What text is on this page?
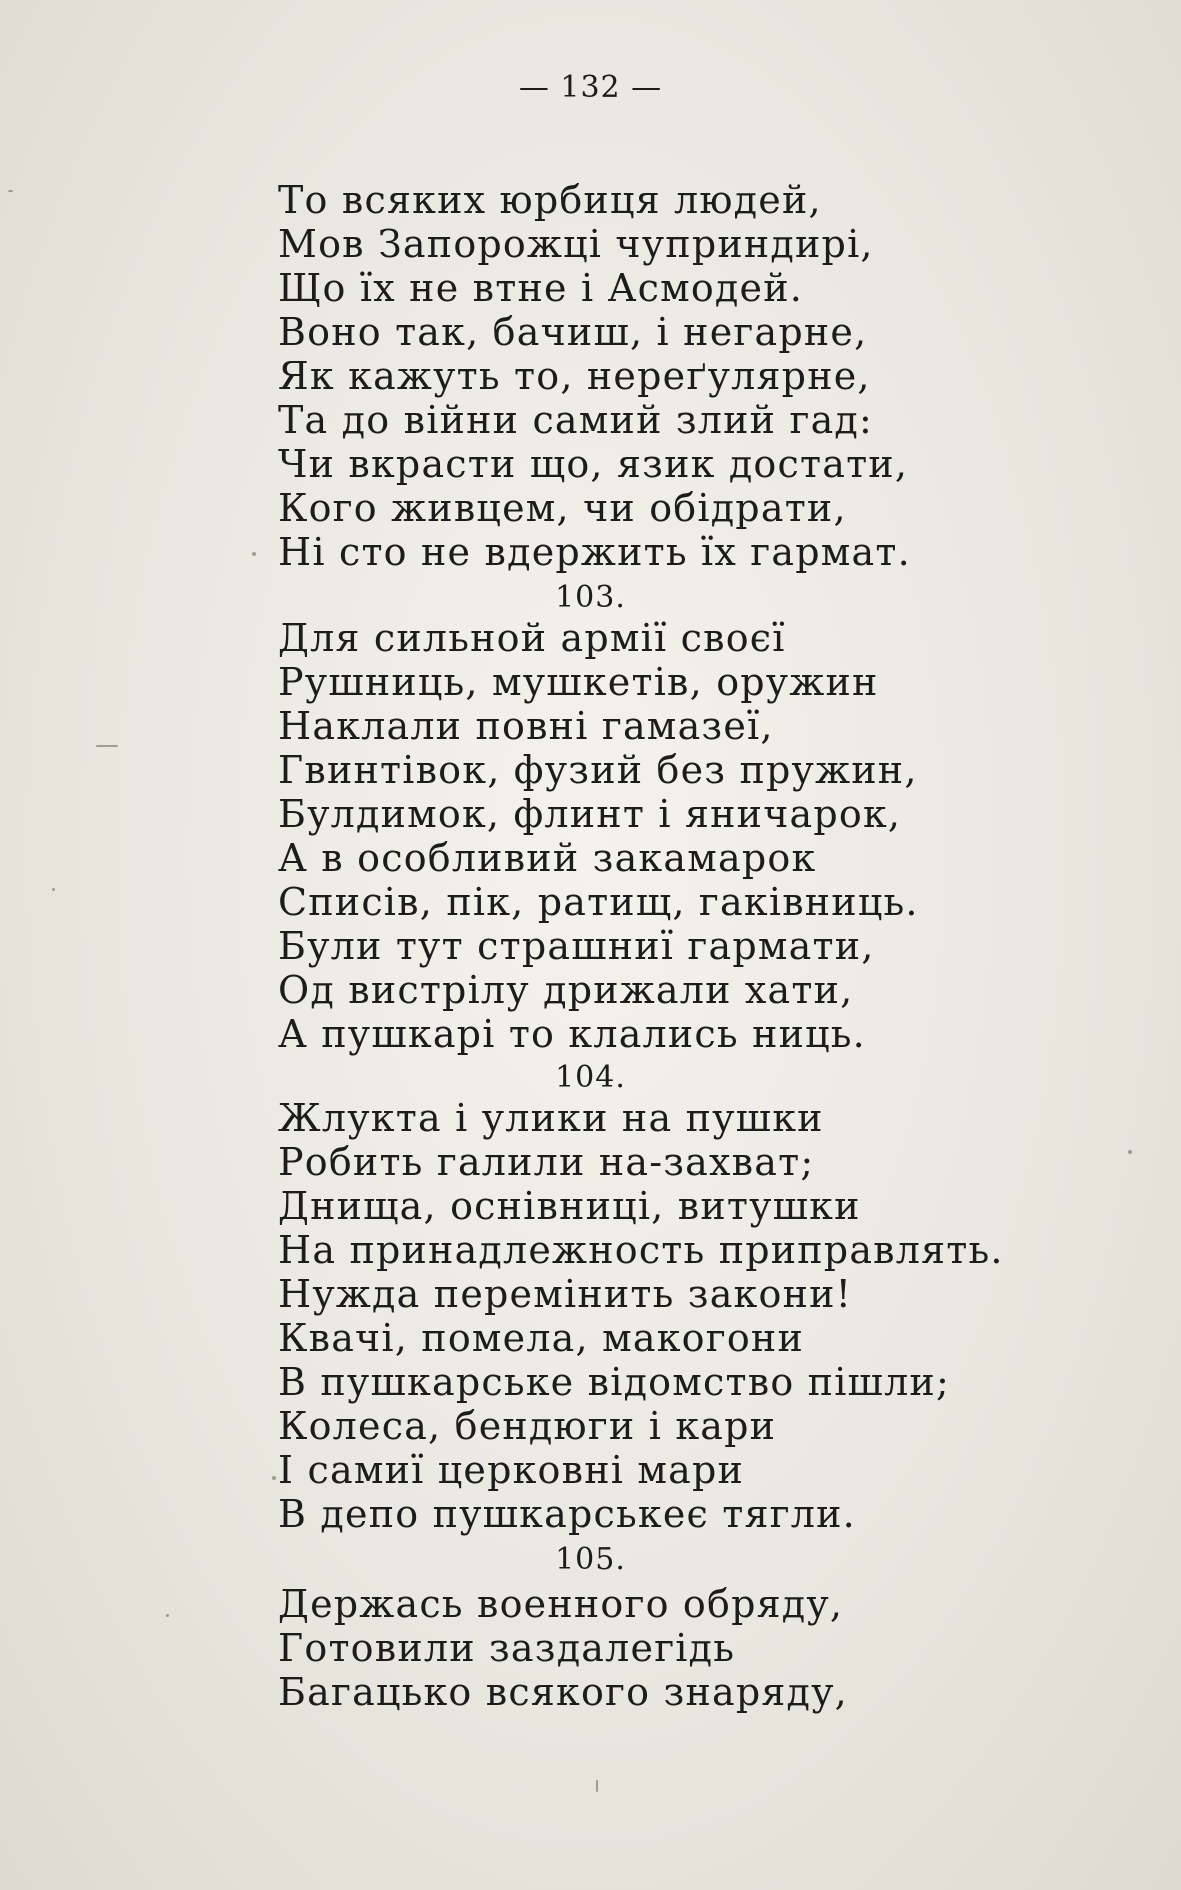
— 132 —
То всяких юрбиця людей,
Мов Запорожці чуприндирі,
Що їх не втне і Асмодей.
Воно так, бачиш, і негарне,
Як кажуть то, нереґулярне,
Та до війни самий злий гад:
Чи вкрасти що, язик достати,
Кого живцем, чи обідрати,
Ні сто не вдержить їх гармат.
103.
Для сильной армії своєї
Рушниць, мушкетів, оружин
Наклали повні гамазеї,
Гвинтівок, фузий без пружин,
Булдимок, флинт і яничарок,
А в особливий закамарок
Списів, пік, ратищ, гаківниць.
Були тут страшниї гармати,
Од вистрілу дрижали хати,
А пушкарі то клались ниць.
104.
Жлукта і улики на пушки
Робить галили на-захват;
Днища, оснівниці, витушки
На принадлежность приправлять.
Нужда перемінить закони!
Квачі, помела, макогони
В пушкарське відомство пішли;
Колеса, бендюги і кари
І самиї церковні мари
В депо пушкарськеє тягли.
105.
Держась военного обряду,
Готовили заздалегідь
Багацько всякого знаряду,
